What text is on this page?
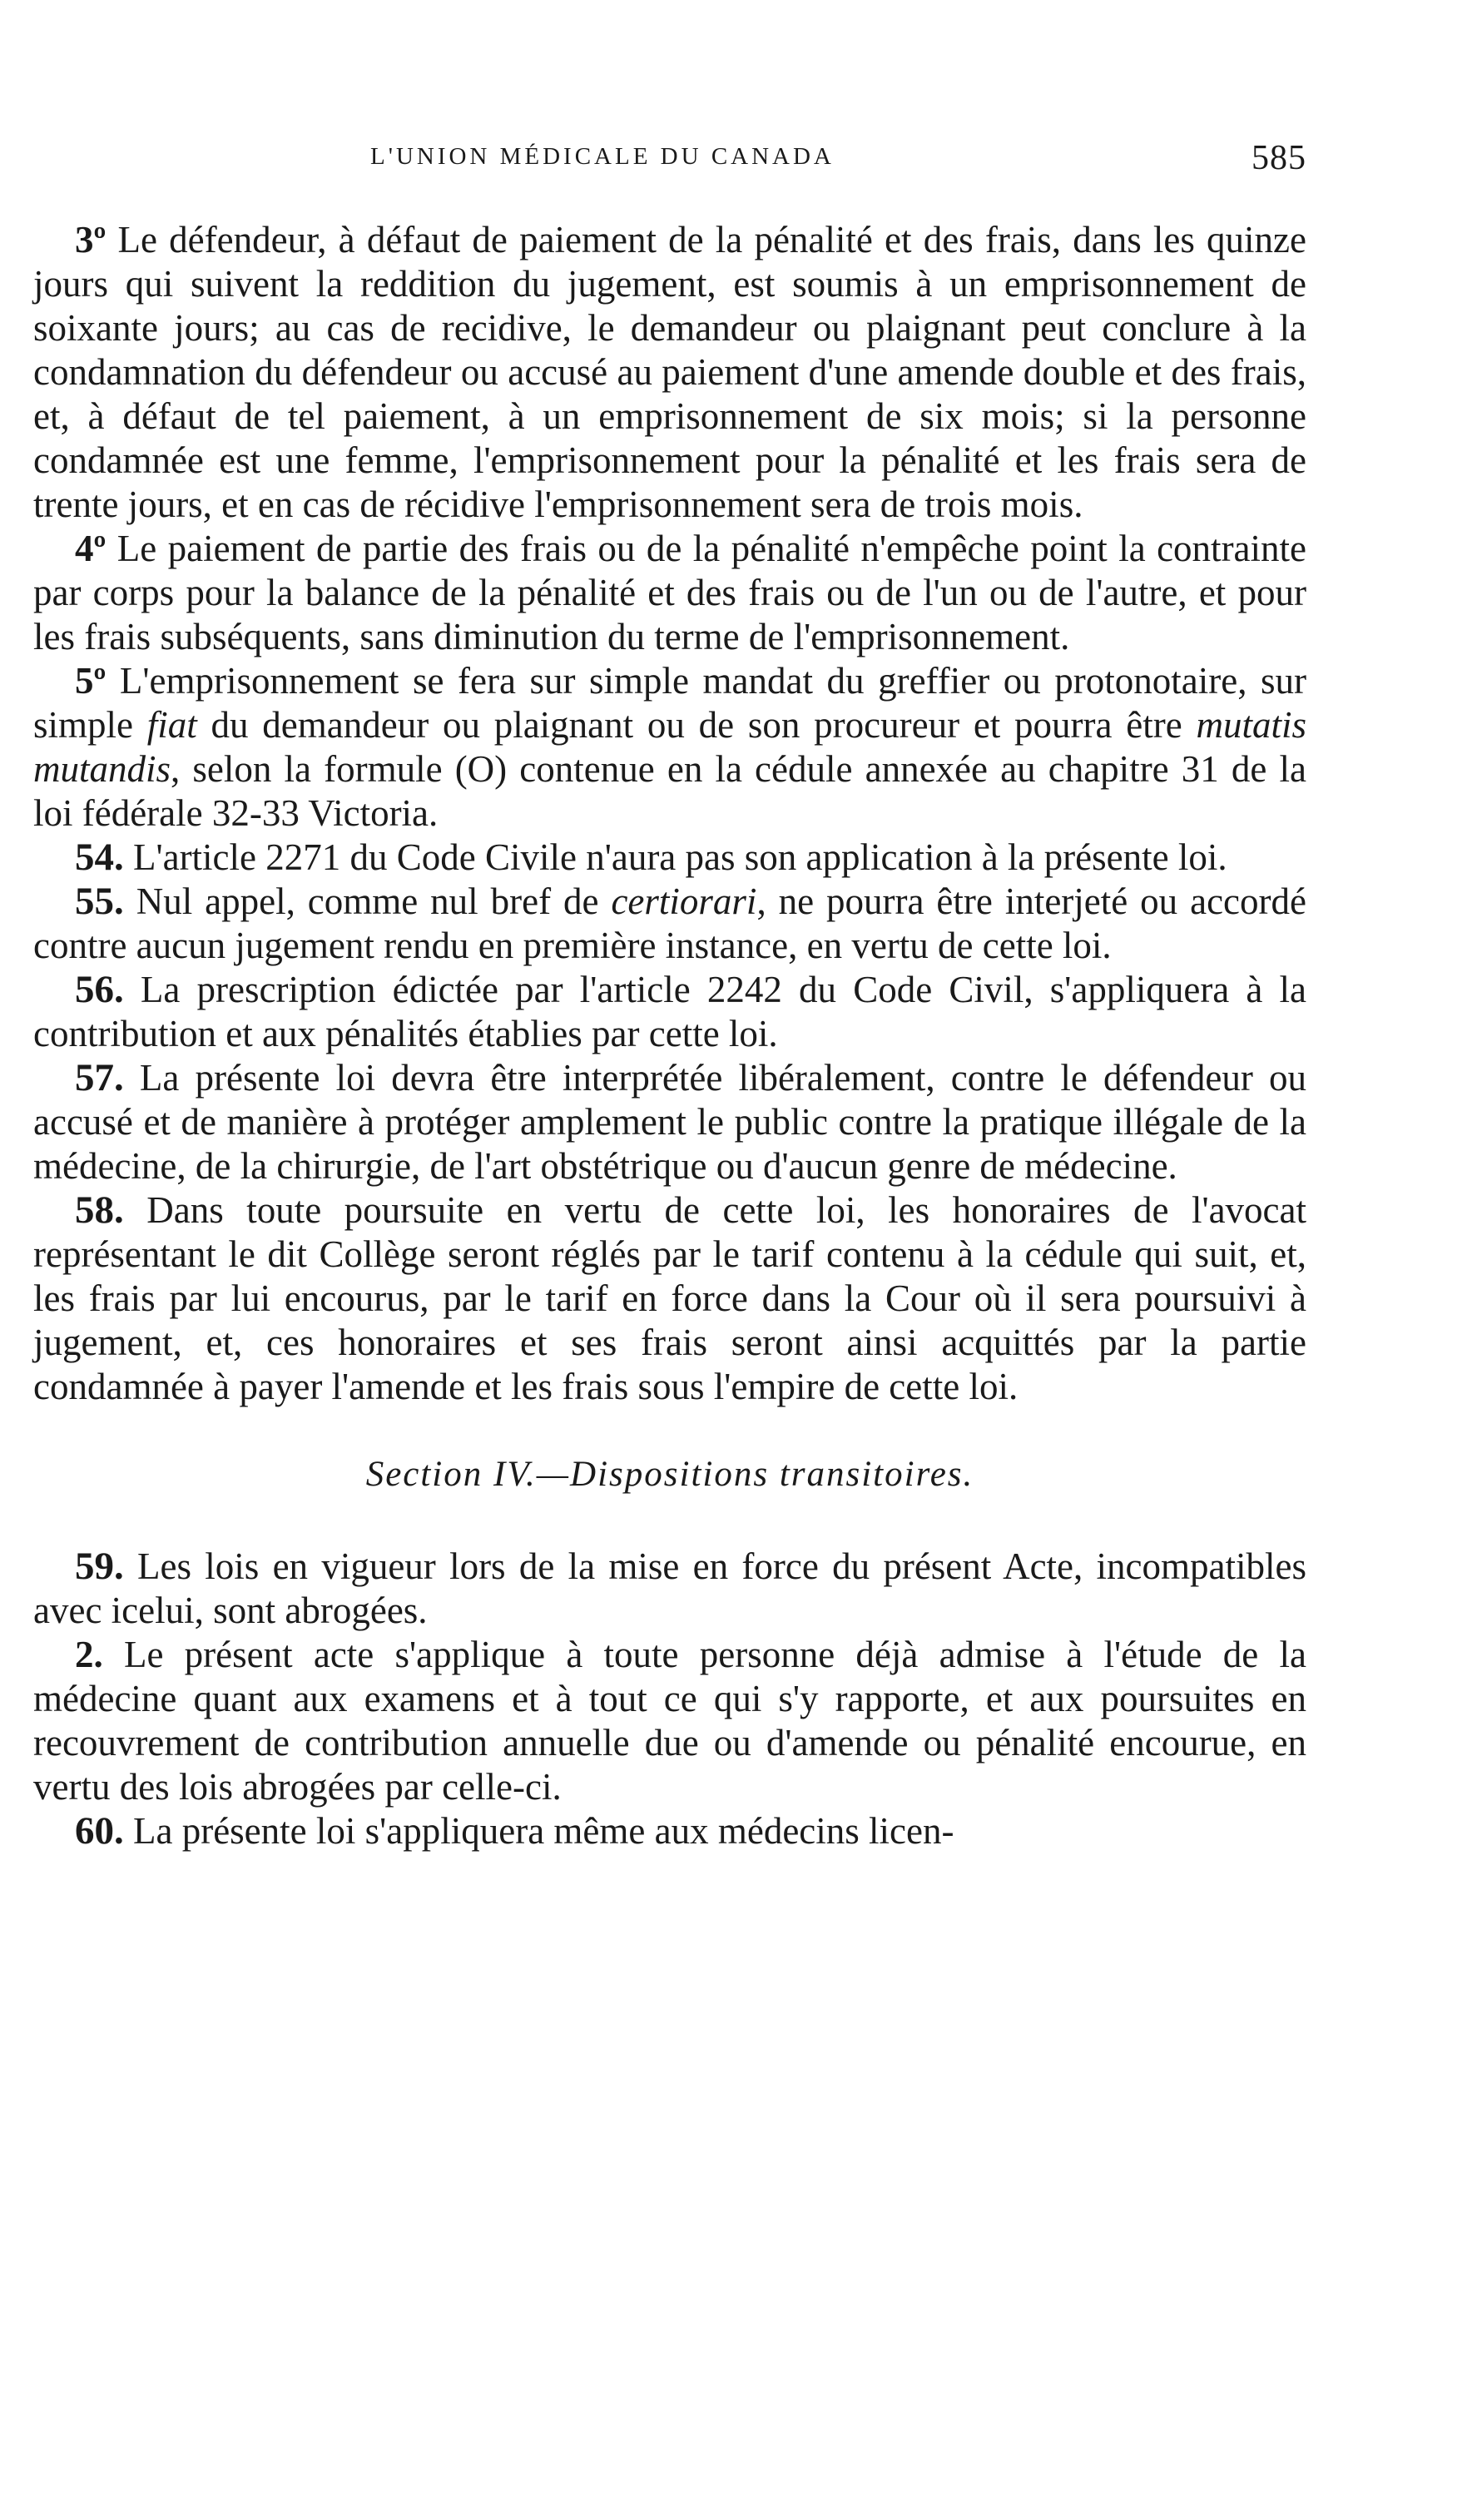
L'UNION MÉDICALE DU CANADA	585

3º Le défendeur, à défaut de paiement de la pénalité et des frais, dans les quinze jours qui suivent la reddition du jugement, est soumis à un emprisonnement de soixante jours; au cas de recidive, le demandeur ou plaignant peut conclure à la condamnation du défendeur ou accusé au paiement d'une amende double et des frais, et, à défaut de tel paiement, à un emprisonnement de six mois; si la personne condamnée est une femme, l'emprisonnement pour la pénalité et les frais sera de trente jours, et en cas de récidive l'emprisonnement sera de trois mois.

4º Le paiement de partie des frais ou de la pénalité n'empêche point la contrainte par corps pour la balance de la pénalité et des frais ou de l'un ou de l'autre, et pour les frais subséquents, sans diminution du terme de l'emprisonnement.

5º L'emprisonnement se fera sur simple mandat du greffier ou protonotaire, sur simple fiat du demandeur ou plaignant ou de son procureur et pourra être mutatis mutandis, selon la formule (O) contenue en la cédule annexée au chapitre 31 de la loi fédérale 32-33 Victoria.

54. L'article 2271 du Code Civile n'aura pas son application à la présente loi.

55. Nul appel, comme nul bref de certiorari, ne pourra être interjeté ou accordé contre aucun jugement rendu en première instance, en vertu de cette loi.

56. La prescription édictée par l'article 2242 du Code Civil, s'appliquera à la contribution et aux pénalités établies par cette loi.

57. La présente loi devra être interprétée libéralement, contre le défendeur ou accusé et de manière à protéger amplement le public contre la pratique illégale de la médecine, de la chirurgie, de l'art obstétrique ou d'aucun genre de médecine.

58. Dans toute poursuite en vertu de cette loi, les honoraires de l'avocat représentant le dit Collège seront réglés par le tarif contenu à la cédule qui suit, et, les frais par lui encourus, par le tarif en force dans la Cour où il sera poursuivi à jugement, et, ces honoraires et ses frais seront ainsi acquittés par la partie condamnée à payer l'amende et les frais sous l'empire de cette loi.

Section IV.—Dispositions transitoires.

59. Les lois en vigueur lors de la mise en force du présent Acte, incompatibles avec icelui, sont abrogées.

2. Le présent acte s'applique à toute personne déjà admise à l'étude de la médecine quant aux examens et à tout ce qui s'y rapporte, et aux poursuites en recouvrement de contribution annuelle due ou d'amende ou pénalité encourue, en vertu des lois abrogées par celle-ci.

60. La présente loi s'appliquera même aux médecins licen-
